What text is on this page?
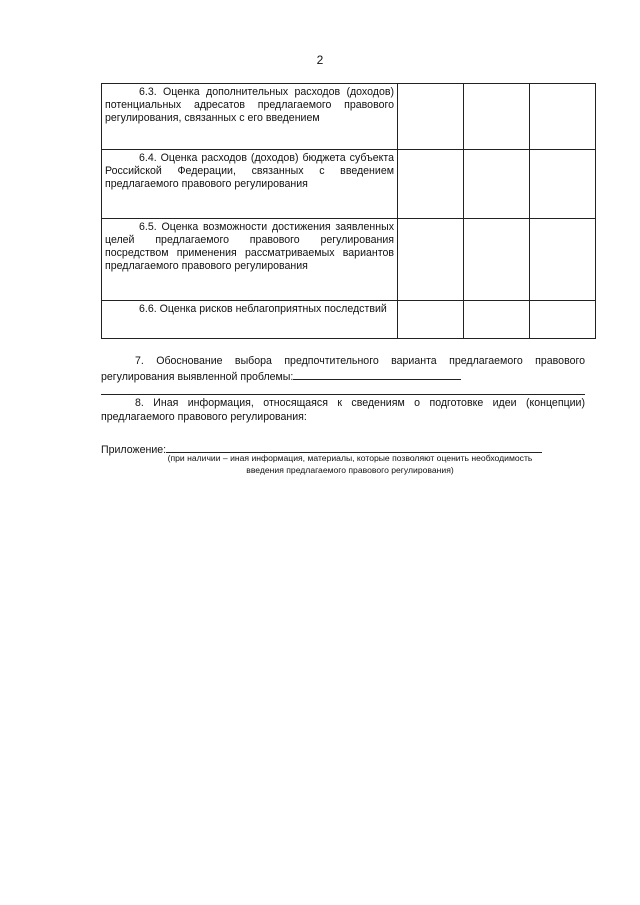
2
6.3. Оценка дополнительных расходов (доходов) потенциальных адресатов предлагаемого правового регулирования, связанных с его введением			

6.4. Оценка расходов (доходов) бюджета субъекта Российской Федерации, связанных с введением предлагаемого правового регулирования			

6.5. Оценка возможности достижения заявленных целей предлагаемого правового регулирования посредством применения рассматриваемых вариантов предлагаемого правового регулирования			

6.6. Оценка рисков неблагоприятных последствий			

7. Обоснование выбора предпочтительного варианта предлагаемого правового регулирования выявленной проблемы:

8. Иная информация, относящаяся к сведениям о подготовке идеи (концепции) предлагаемого правового регулирования:

Приложение:
(при наличии – иная информация, материалы, которые позволяют оценить необходимость введения предлагаемого правового регулирования)
